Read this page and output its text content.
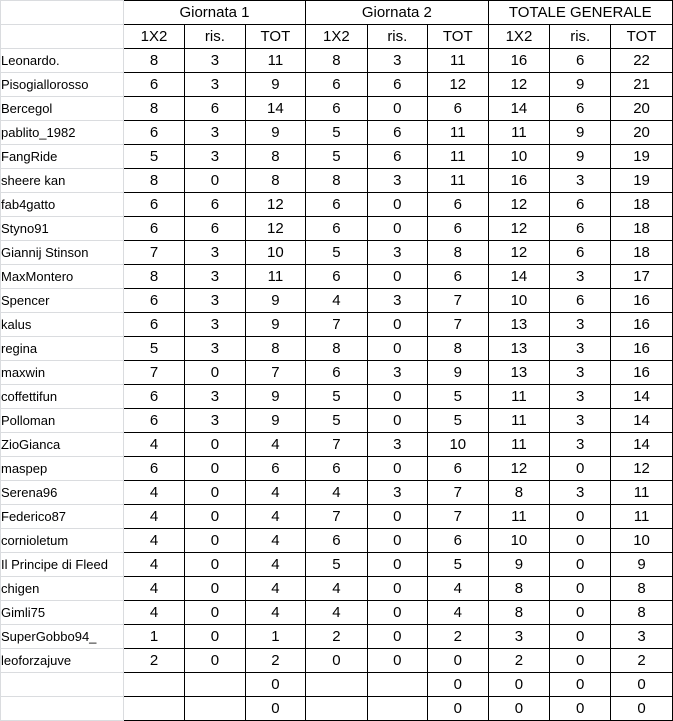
	Giornata 1			Giornata 2			TOTALE GENERALE		
	1X2	ris.	TOT	1X2	ris.	TOT	1X2	ris.	TOT
Leonardo.	8	3	11	8	3	11	16	6	22
Pisogiallorosso	6	3	9	6	6	12	12	9	21
Bercegol	8	6	14	6	0	6	14	6	20
pablito_1982	6	3	9	5	6	11	11	9	20
FangRide	5	3	8	5	6	11	10	9	19
sheere kan	8	0	8	8	3	11	16	3	19
fab4gatto	6	6	12	6	0	6	12	6	18
Styno91	6	6	12	6	0	6	12	6	18
Giannij Stinson	7	3	10	5	3	8	12	6	18
MaxMontero	8	3	11	6	0	6	14	3	17
Spencer	6	3	9	4	3	7	10	6	16
kalus	6	3	9	7	0	7	13	3	16
regina	5	3	8	8	0	8	13	3	16
maxwin	7	0	7	6	3	9	13	3	16
coffettifun	6	3	9	5	0	5	11	3	14
Polloman	6	3	9	5	0	5	11	3	14
ZioGianca	4	0	4	7	3	10	11	3	14
maspep	6	0	6	6	0	6	12	0	12
Serena96	4	0	4	4	3	7	8	3	11
Federico87	4	0	4	7	0	7	11	0	11
cornioletum	4	0	4	6	0	6	10	0	10
Il Principe di Fleed	4	0	4	5	0	5	9	0	9
chigen	4	0	4	4	0	4	8	0	8
Gimli75	4	0	4	4	0	4	8	0	8
SuperGobbo94_	1	0	1	2	0	2	3	0	3
leoforzajuve	2	0	2	0	0	0	2	0	2
			0			0	0	0	0
			0			0	0	0	0
